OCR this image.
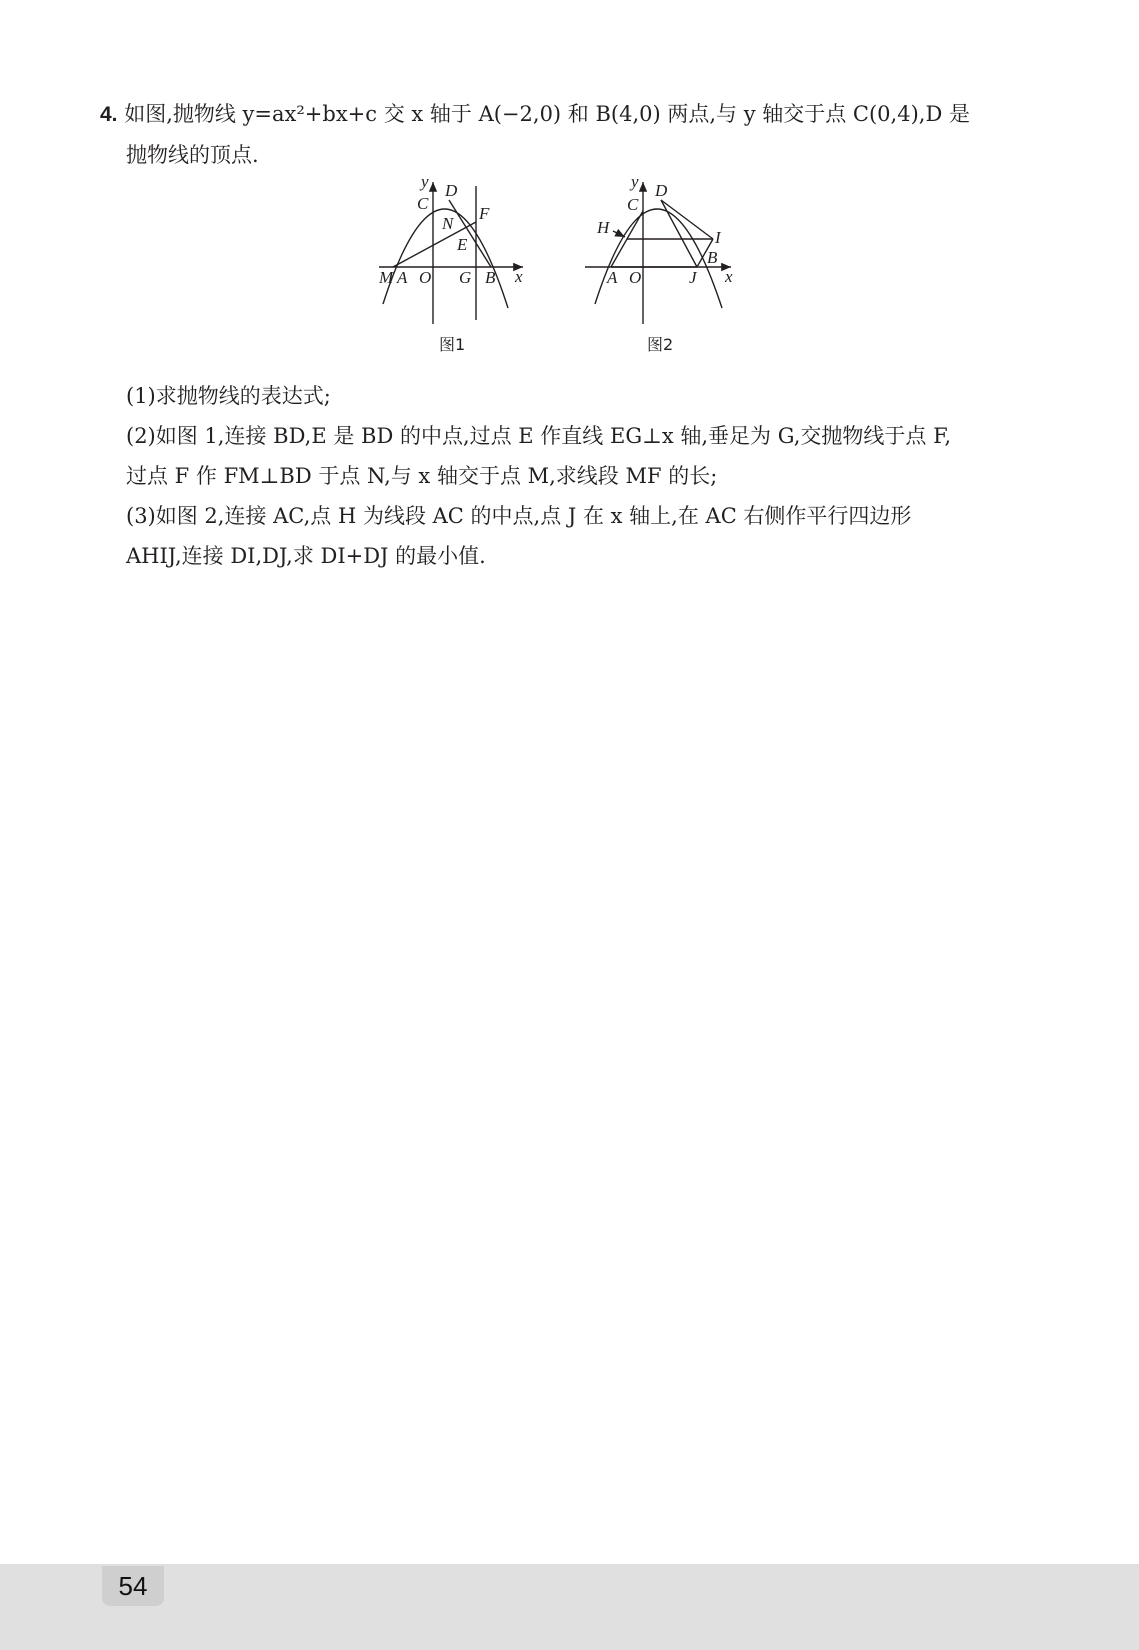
4. 如图,抛物线 y=ax²+bx+c 交 x 轴于 A(−2,0) 和 B(4,0) 两点,与 y 轴交于点 C(0,4),D 是
抛物线的顶点.
y D
C
N
F
E
M A O G B x
图1
y D
C
H
I
B
A O	J x
图2
(1)求抛物线的表达式;
(2)如图 1,连接 BD,E 是 BD 的中点,过点 E 作直线 EG⊥x 轴,垂足为 G,交抛物线于点 F,
过点 F 作 FM⊥BD 于点 N,与 x 轴交于点 M,求线段 MF 的长;
(3)如图 2,连接 AC,点 H 为线段 AC 的中点,点 J 在 x 轴上,在 AC 右侧作平行四边形
AHIJ,连接 DI,DJ,求 DI+DJ 的最小值.
54
